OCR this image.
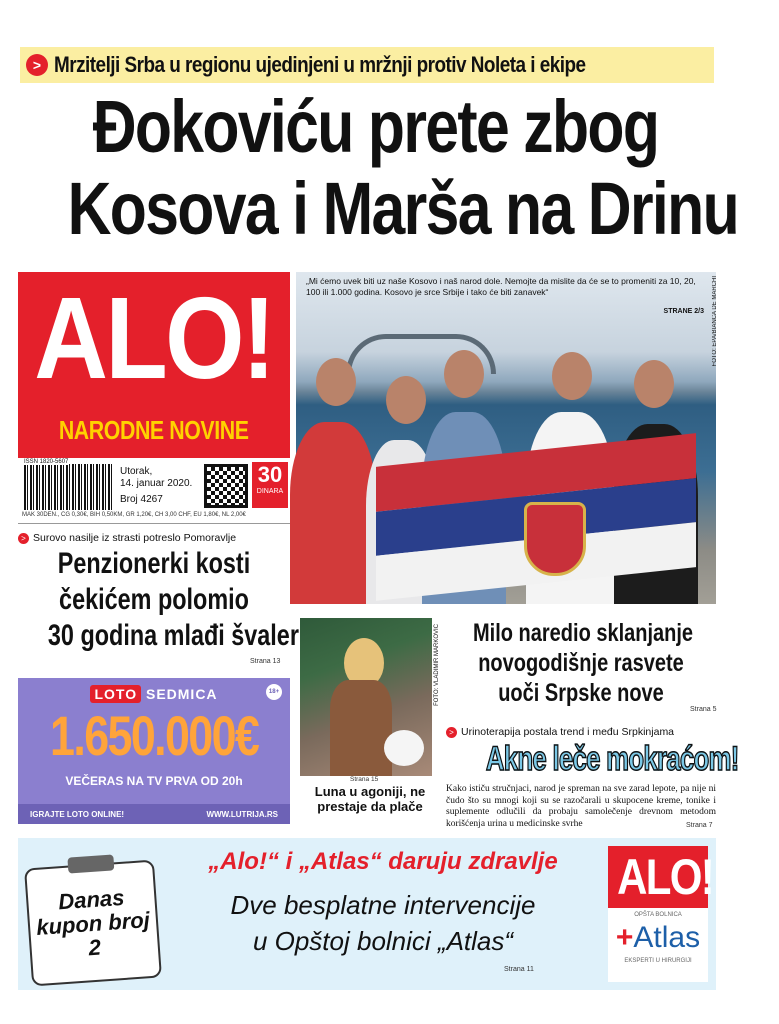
> Mrzitelji Srba u regionu ujedinjeni u mržnji protiv Noleta i ekipe
Đokoviću prete zbog
Kosova i Marša na Drinu
ALO!
NARODNE NOVINE
ISSN 1820-5607
Utorak,
14. januar 2020.
Broj 4267
30
DINARA
MAK 30DEN., CG 0,30€, BIH 0,50KM, GR 1,20€, CH 3,00 CHF, EU 1,80€, NL 2,00€
„Mi ćemo uvek biti uz naše Kosovo i naš narod dole. Nemojte da mislite da će se to promeniti za 10, 20, 100 ili 1.000 godina. Kosovo je srce Srbije i tako će biti zanavek“
STRANE 2/3 FOTO: EPA/BIANCA DE MARCHI
> Surovo nasilje iz strasti potreslo Pomoravlje
Penzionerki kosti
čekićem polomio
30 godina mlađi švaler
Strana 13
LOTO SEDMICA	18+
1.650.000€
VEČERAS NA TV PRVA OD 20h
IGRAJTE LOTO ONLINE!	WWW.LUTRIJA.RS
FOTO: VLADIMIR MARKOVIĆ
Strana 15
Luna u agoniji, ne prestaje da plače
Milo naredio sklanjanje
novogodišnje rasvete
uoči Srpske nove
Strana 5
> Urinoterapija postala trend i među Srpkinjama
Akne leče mokraćom!
Kako ističu stručnjaci, narod je spreman na sve zarad lepote, pa nije ni čudo što su mnogi koji su se razočarali u skupocene kreme, tonike i suplemente odlučili da probaju samolečenje drevnom metodom korišćenja urina u medicinske svrhe	Strana 7
Danas kupon broj 2
„Alo!“ i „Atlas“ daruju zdravlje
Dve besplatne intervencije
u Opštoj bolnici „Atlas“
Strana 11
ALO!
OPŠTA BOLNICA
+Atlas
EKSPERTI U HIRURGIJI
